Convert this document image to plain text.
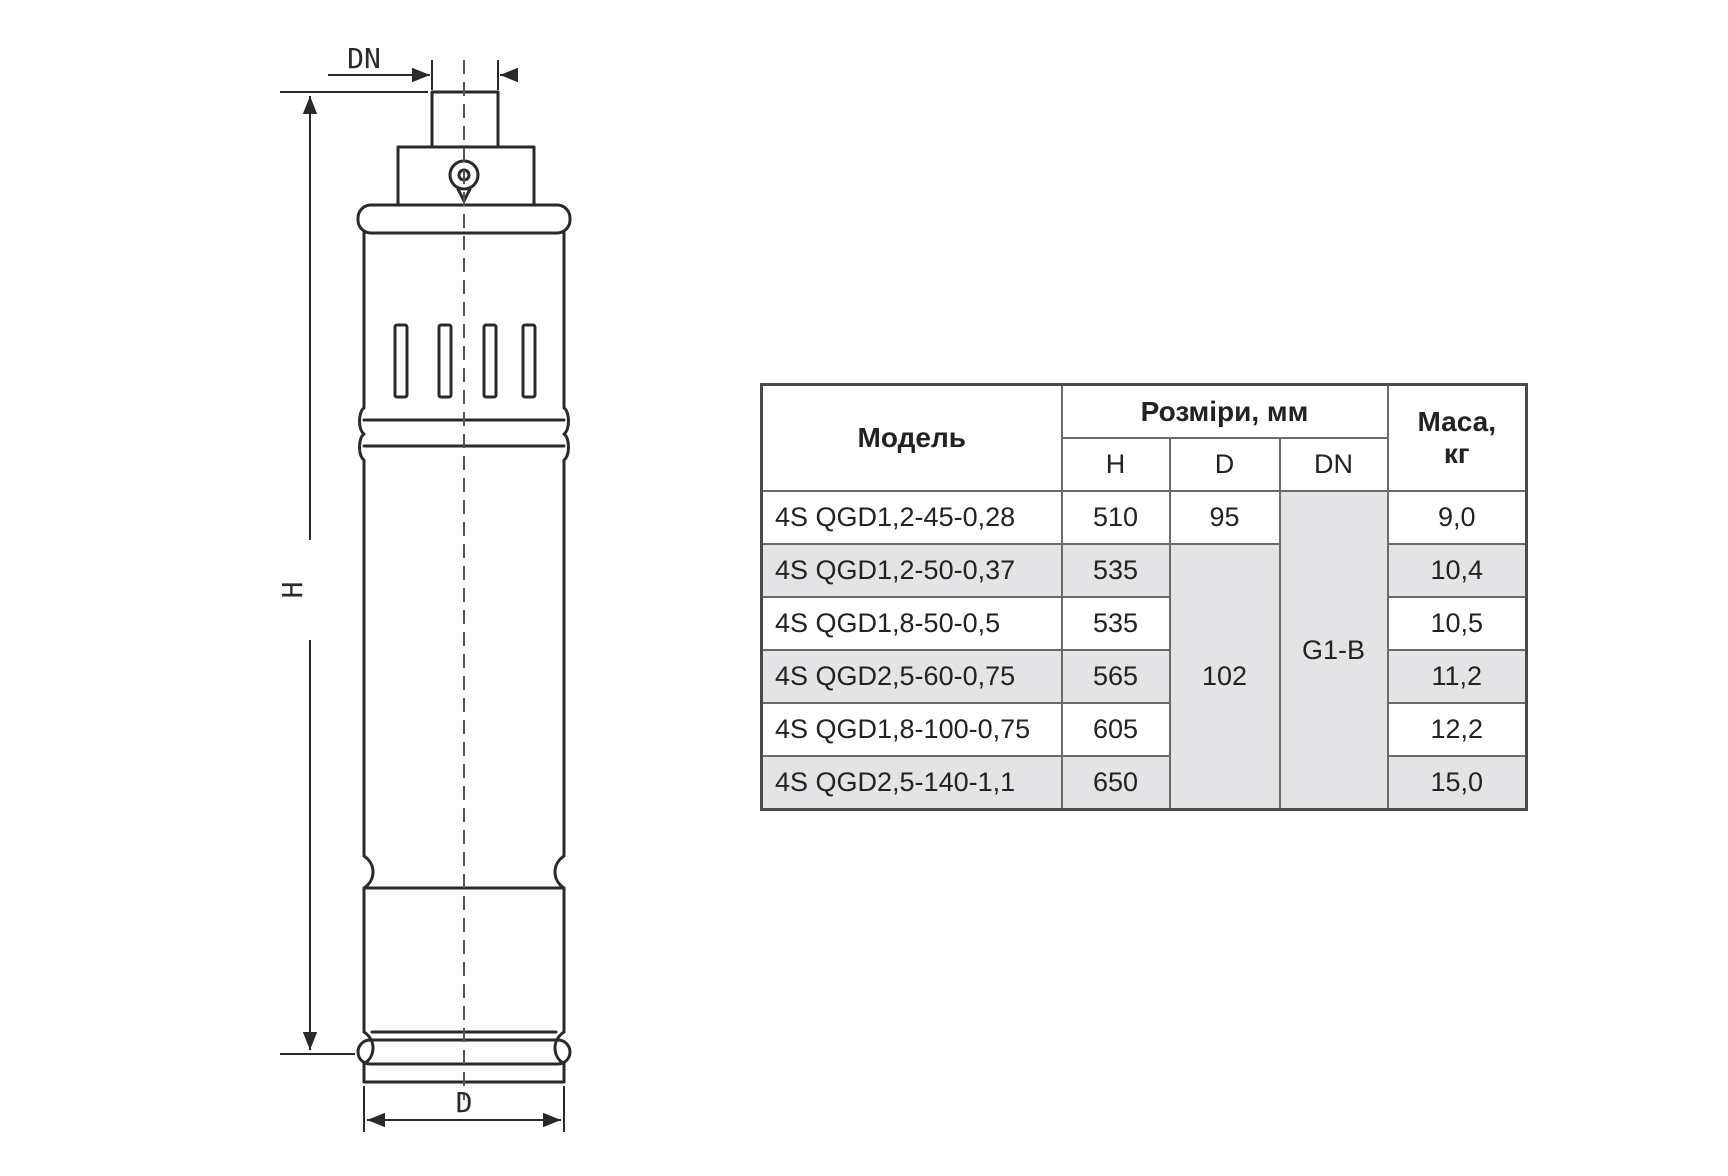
DN
H
D
Модель	Розміри, мм			Маса,
кг
	H	D	DN	
4S QGD1,2-45-0,28	510	95	G1-B	9,0
4S QGD1,2-50-0,37	535	102		10,4
4S QGD1,8-50-0,5	535			10,5
4S QGD2,5-60-0,75	565			11,2
4S QGD1,8-100-0,75	605			12,2
4S QGD2,5-140-1,1	650			15,0
